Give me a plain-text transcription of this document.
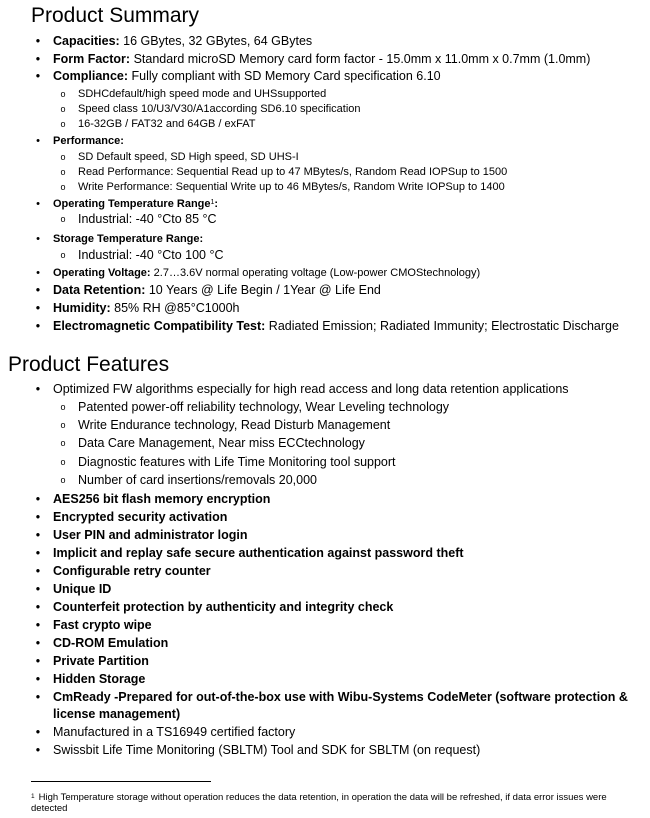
Product Summary
•	Capacities: 16 GBytes, 32 GBytes, 64 GBytes
•	Form Factor: Standard microSD Memory card form factor - 15.0mm x 11.0mm x 0.7mm (1.0mm)
•	Compliance: Fully compliant with SD Memory Card specification 6.10
o	SDHCdefault/high speed mode and UHSsupported
o	Speed class 10/U3/V30/A1according SD6.10 specification
o	16-32GB / FAT32 and 64GB / exFAT
•	Performance:
o	SD Default speed, SD High speed, SD UHS-I
o	Read Performance: Sequential Read up to 47 MBytes/s, Random Read IOPSup to 1500
o	Write Performance: Sequential Write up to 46 MBytes/s, Random Write IOPSup to 1400
•	Operating Temperature Range$^1$:
o	Industrial: -40 °Cto 85 °C
•	Storage Temperature Range:
o	Industrial: -40 °Cto 100 °C
•	Operating Voltage: 2.7…3.6V normal operating voltage (Low-power CMOStechnology)
•	Data Retention: 10 Years @ Life Begin / 1Year @ Life End
•	Humidity: 85% RH @85°C1000h
•	Electromagnetic Compatibility Test: Radiated Emission; Radiated Immunity; Electrostatic Discharge
Product Features
•	Optimized FW algorithms especially for high read access and long data retention applications
o	Patented power-off reliability technology, Wear Leveling technology
o	Write Endurance technology, Read Disturb Management
o	Data Care Management, Near miss ECCtechnology
o	Diagnostic features with Life Time Monitoring tool support
o	Number of card insertions/removals 20,000
•	AES256 bit flash memory encryption
•	Encrypted security activation
•	User PIN and administrator login
•	Implicit and replay safe secure authentication against password theft
•	Configurable retry counter
•	Unique ID
•	Counterfeit protection by authenticity and integrity check
•	Fast crypto wipe
•	CD-ROM Emulation
•	Private Partition
•	Hidden Storage
•	CmReady -Prepared for out-of-the-box use with Wibu-Systems CodeMeter (software protection &
license management)
•	Manufactured in a TS16949 certified factory
•	Swissbit Life Time Monitoring (SBLTM) Tool and SDK for SBLTM (on request)
$^1$ High Temperature storage without operation reduces the data retention, in operation the data will be refreshed, if data error issues were detected
